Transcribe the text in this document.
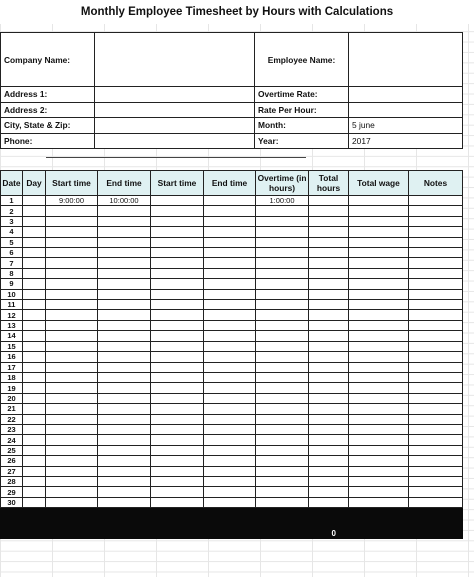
Monthly Employee Timesheet by Hours with Calculations
Company Name:		Employee Name:	
Address 1:		Overtime Rate:	
Address 2:		Rate Per Hour:	
City, State & Zip:		Month:	5 june
Phone:		Year:	2017
Date	Day	Start time	End time	Start time	End time	Overtime (in hours)	Total hours	Total wage	Notes
1		9:00:00	10:00:00			1:00:00			
2									
3									
4									
5									
6									
7									
8									
9									
10									
11									
12									
13									
14									
15									
16									
17									
18									
19									
20									
21									
22									
23									
24									
25									
26									
27									
28									
29									
30									
							0		
